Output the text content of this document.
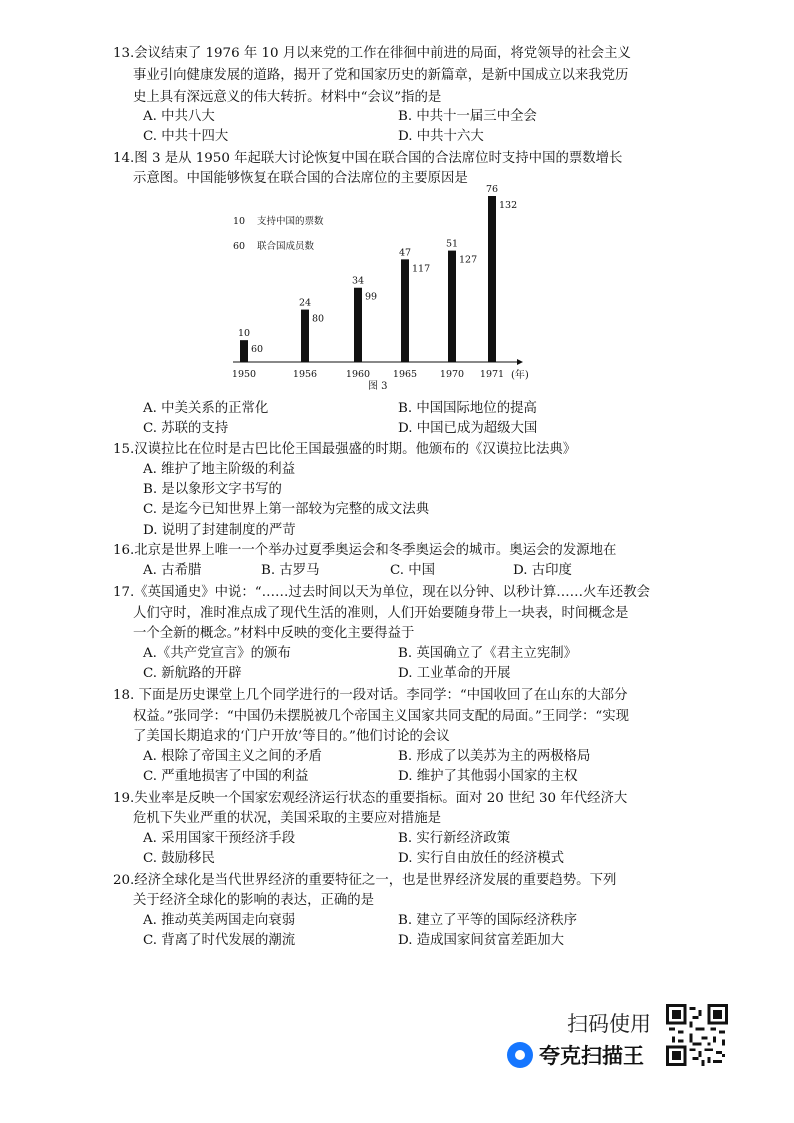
13.会议结束了 1976 年 10 月以来党的工作在徘徊中前进的局面，将党领导的社会主义
事业引向健康发展的道路，揭开了党和国家历史的新篇章，是新中国成立以来我党历
史上具有深远意义的伟大转折。材料中“会议”指的是
A. 中共八大	B. 中共十一届三中全会
C. 中共十四大	D. 中共十六大
14.图 3 是从 1950 年起联大讨论恢复中国在联合国的合法席位时支持中国的票数增长
示意图。中国能够恢复在联合国的合法席位的主要原因是
10 支持中国的票数
60 联合国成员数
10
60
24
80
34
99
47
117
51
127
76
132
1950	1956	1960 1965 1970 1971 (年)
图 3
A. 中美关系的正常化	B. 中国国际地位的提高
C. 苏联的支持	D. 中国已成为超级大国
15.汉谟拉比在位时是古巴比伦王国最强盛的时期。他颁布的《汉谟拉比法典》
A. 维护了地主阶级的利益
B. 是以象形文字书写的
C. 是迄今已知世界上第一部较为完整的成文法典
D. 说明了封建制度的严苛
16.北京是世界上唯一一个举办过夏季奥运会和冬季奥运会的城市。奥运会的发源地在
A. 古希腊	B. 古罗马	C. 中国	D. 古印度
17.《英国通史》中说：“……过去时间以天为单位，现在以分钟、以秒计算……火车还教会
人们守时，准时准点成了现代生活的准则，人们开始要随身带上一块表，时间概念是
一个全新的概念。”材料中反映的变化主要得益于
A.《共产党宣言》的颁布	B. 英国确立了《君主立宪制》
C. 新航路的开辟	D. 工业革命的开展
18. 下面是历史课堂上几个同学进行的一段对话。李同学：“中国收回了在山东的大部分
权益。”张同学：“中国仍未摆脱被几个帝国主义国家共同支配的局面。”王同学：“实现
了美国长期追求的‘门户开放’等目的。”他们讨论的会议
A. 根除了帝国主义之间的矛盾	B. 形成了以美苏为主的两极格局
C. 严重地损害了中国的利益	D. 维护了其他弱小国家的主权
19.失业率是反映一个国家宏观经济运行状态的重要指标。面对 20 世纪 30 年代经济大
危机下失业严重的状况，美国采取的主要应对措施是
A. 采用国家干预经济手段	B. 实行新经济政策
C. 鼓励移民	D. 实行自由放任的经济模式
20.经济全球化是当代世界经济的重要特征之一，也是世界经济发展的重要趋势。下列
关于经济全球化的影响的表达，正确的是
A. 推动英美两国走向衰弱	B. 建立了平等的国际经济秩序
C. 背离了时代发展的潮流	D. 造成国家间贫富差距加大
扫码使用
夸克扫描王
